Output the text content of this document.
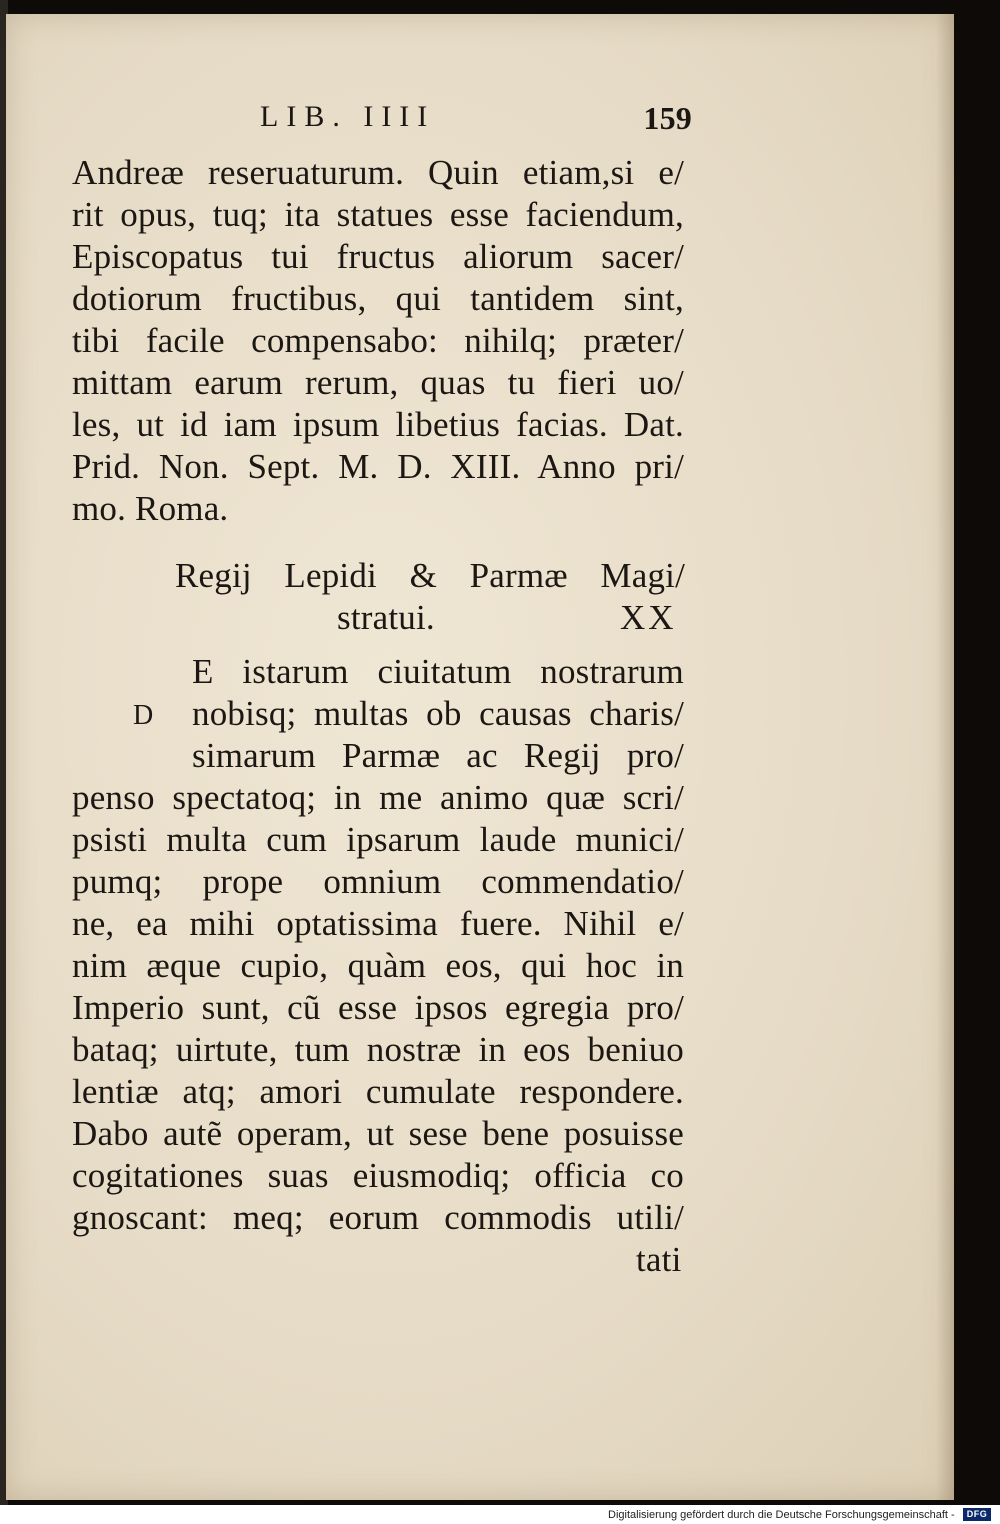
LIB. IIII	159
Andreæ reseruaturum. Quin etiam,si e/
rit opus, tuq; ita statues esse faciendum,
Episcopatus tui fructus aliorum sacer/
dotiorum fructibus, qui tantidem sint,
tibi facile compensabo: nihilq; præter/
mittam earum rerum, quas tu fieri uo/
les, ut id iam ipsum libetius facias. Dat.
Prid. Non. Sept. M. D. XIII. Anno pri/
mo. Roma.
Regij Lepidi & Parmæ Magi/
stratui.	XX
D
E istarum ciuitatum nostrarum
nobisq; multas ob causas charis/
simarum Parmæ ac Regij pro/
penso spectatoq; in me animo quæ scri/
psisti multa cum ipsarum laude munici/
pumq; prope omnium commendatio/
ne, ea mihi optatissima fuere. Nihil e/
nim æque cupio, quàm eos, qui hoc in
Imperio sunt, cũ esse ipsos egregia pro/
bataq; uirtute, tum nostræ in eos beniuo
lentiæ atq; amori cumulate respondere.
Dabo autẽ operam, ut sese bene posuisse
cogitationes suas eiusmodiq; officia co
gnoscant: meq; eorum commodis utili/
tati
Digitalisierung gefördert durch die Deutsche Forschungsgemeinschaft -	DFG
